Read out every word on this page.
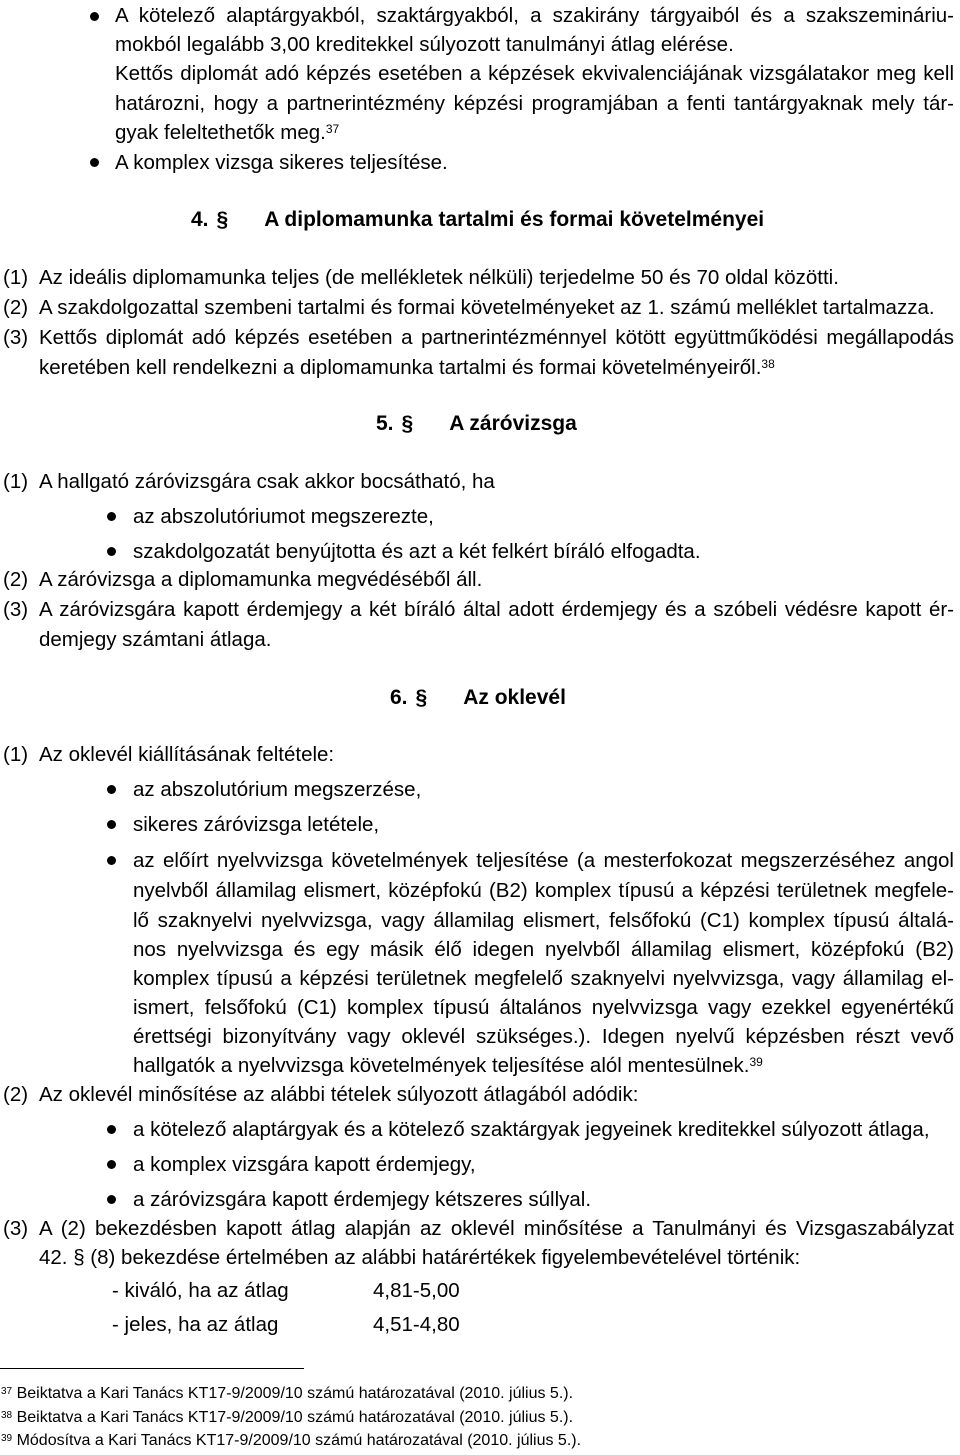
A kötelező alaptárgyakból, szaktárgyakból, a szakirány tárgyaiból és a szakszemináriu-
mokból legalább 3,00 kreditekkel súlyozott tanulmányi átlag elérése.
Kettős diplomát adó képzés esetében a képzések ekvivalenciájának vizsgálatakor meg kell
határozni, hogy a partnerintézmény képzési programjában a fenti tantárgyaknak mely tár-
gyak feleltethetők meg.$^{37}$
A komplex vizsga sikeres teljesítése.
4. § A diplomamunka tartalmi és formai követelményei
(1) Az ideális diplomamunka teljes (de mellékletek nélküli) terjedelme 50 és 70 oldal közötti.
(2) A szakdolgozattal szembeni tartalmi és formai követelményeket az 1. számú melléklet tartalmazza.
(3) Kettős diplomát adó képzés esetében a partnerintézménnyel kötött együttműködési megállapodás
keretében kell rendelkezni a diplomamunka tartalmi és formai követelményeiről.$^{38}$
5. § A záróvizsga
(1) A hallgató záróvizsgára csak akkor bocsátható, ha
az abszolutóriumot megszerezte,
szakdolgozatát benyújtotta és azt a két felkért bíráló elfogadta.
(2) A záróvizsga a diplomamunka megvédéséből áll.
(3) A záróvizsgára kapott érdemjegy a két bíráló által adott érdemjegy és a szóbeli védésre kapott ér-
demjegy számtani átlaga.
6. § Az oklevél
(1) Az oklevél kiállításának feltétele:
az abszolutórium megszerzése,
sikeres záróvizsga letétele,
az előírt nyelvvizsga követelmények teljesítése (a mesterfokozat megszerzéséhez angol
nyelvből államilag elismert, középfokú (B2) komplex típusú a képzési területnek megfele-
lő szaknyelvi nyelvvizsga, vagy államilag elismert, felsőfokú (C1) komplex típusú általá-
nos nyelvvizsga és egy másik élő idegen nyelvből államilag elismert, középfokú (B2)
komplex típusú a képzési területnek megfelelő szaknyelvi nyelvvizsga, vagy államilag el-
ismert, felsőfokú (C1) komplex típusú általános nyelvvizsga vagy ezekkel egyenértékű
érettségi bizonyítvány vagy oklevél szükséges.). Idegen nyelvű képzésben részt vevő
hallgatók a nyelvvizsga követelmények teljesítése alól mentesülnek.$^{39}$
(2) Az oklevél minősítése az alábbi tételek súlyozott átlagából adódik:
a kötelező alaptárgyak és a kötelező szaktárgyak jegyeinek kreditekkel súlyozott átlaga,
a komplex vizsgára kapott érdemjegy,
a záróvizsgára kapott érdemjegy kétszeres súllyal.
(3) A (2) bekezdésben kapott átlag alapján az oklevél minősítése a Tanulmányi és Vizsgaszabályzat
42. § (8) bekezdése értelmében az alábbi határértékek figyelembevételével történik:
- kiváló, ha az átlag	4,81-5,00
- jeles, ha az átlag	4,51-4,80
$^{37}$ Beiktatva a Kari Tanács KT17-9/2009/10 számú határozatával (2010. július 5.).
$^{38}$ Beiktatva a Kari Tanács KT17-9/2009/10 számú határozatával (2010. július 5.).
$^{39}$ Módosítva a Kari Tanács KT17-9/2009/10 számú határozatával (2010. július 5.).
